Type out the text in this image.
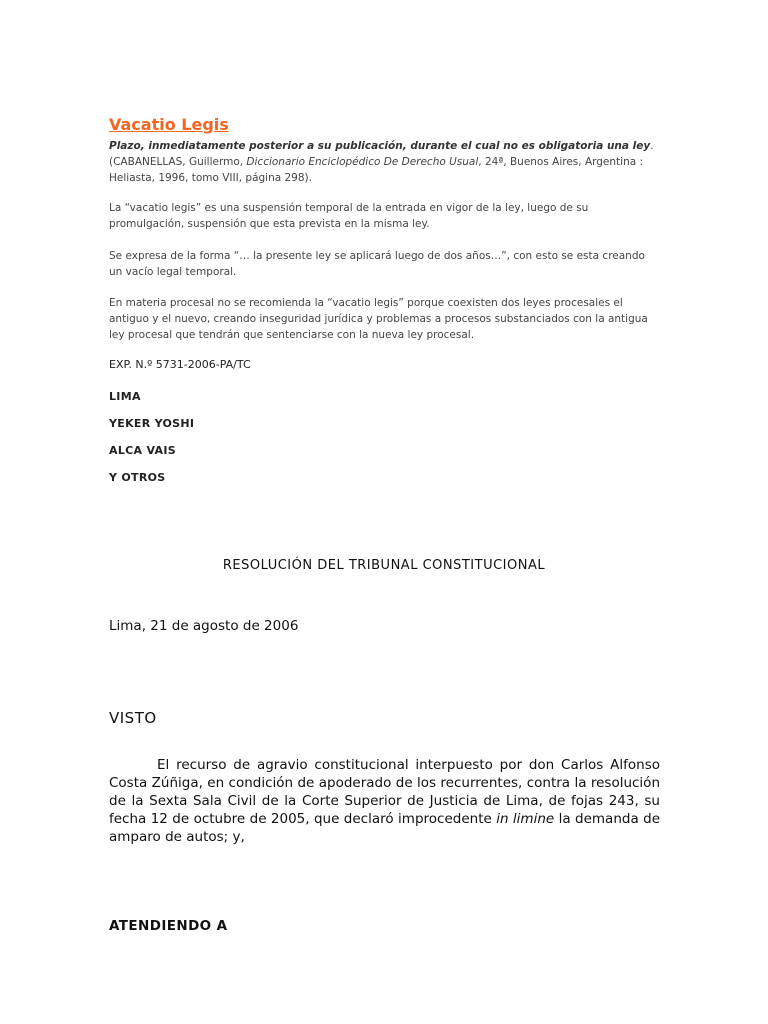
Vacatio Legis
Plazo, inmediatamente posterior a su publicación, durante el cual no es obligatoria una ley.
(CABANELLAS, Guillermo, Diccionario Enciclopédico De Derecho Usual, 24ª, Buenos Aires, Argentina : Heliasta, 1996, tomo VIII, página 298).
La “vacatio legis” es una suspensión temporal de la entrada en vigor de la ley, luego de su promulgación, suspensión que esta prevista en la misma ley.
Se expresa de la forma “… la presente ley se aplicará luego de dos años…”, con esto se esta creando un vacío legal temporal.
En materia procesal no se recomienda la “vacatio legis” porque coexisten dos leyes procesales el antiguo y el nuevo, creando inseguridad jurídica y problemas a procesos substanciados con la antigua ley procesal que tendrán que sentenciarse con la nueva ley procesal.
EXP. N.º 5731-2006-PA/TC
LIMA
YEKER YOSHI
ALCA VAIS
Y OTROS
RESOLUCIÓN DEL TRIBUNAL CONSTITUCIONAL
Lima, 21 de agosto de 2006
VISTO
El recurso de agravio constitucional interpuesto por don Carlos Alfonso Costa Zúñiga, en condición de apoderado de los recurrentes, contra la resolución de la Sexta Sala Civil de la Corte Superior de Justicia de Lima, de fojas 243, su fecha 12 de octubre de 2005, que declaró improcedente in limine la demanda de amparo de autos; y,
ATENDIENDO A
